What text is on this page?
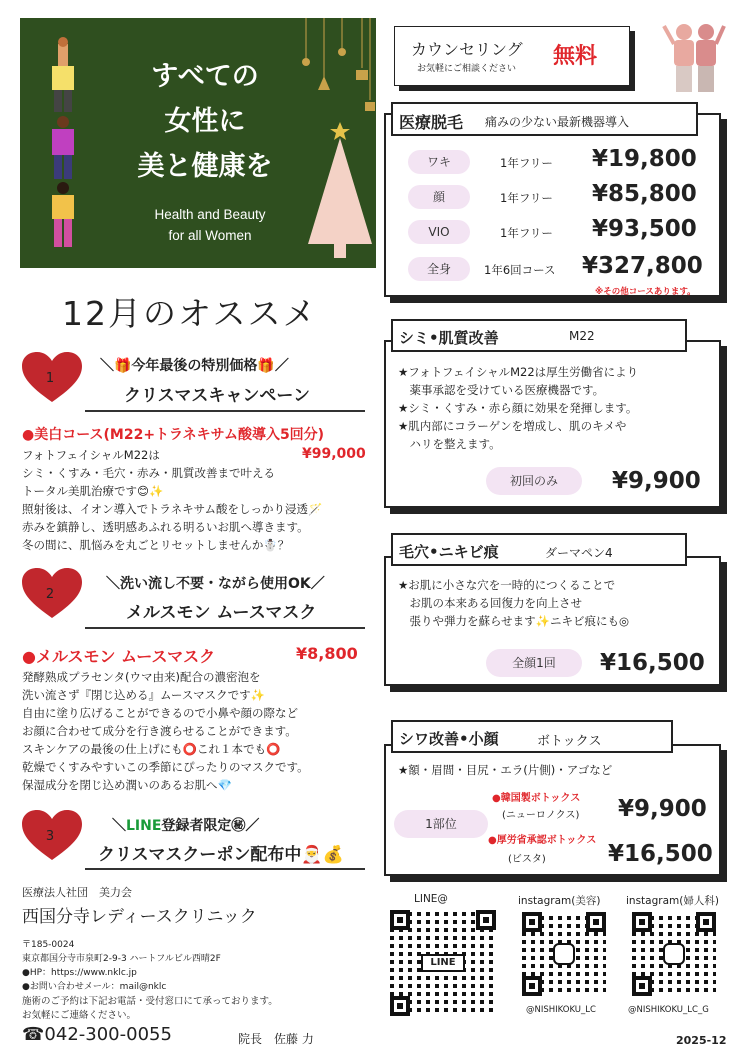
すべての
女性に
美と健康を
Health and Beauty
for all Women
12月のオススメ
1
＼🎁今年最後の特別価格🎁／
クリスマスキャンペーン
●美白コース(M22+トラネキサム酸導入5回分)
¥99,000
フォトフェイシャルM22は
シミ・くすみ・毛穴・赤み・肌質改善まで叶える
トータル美肌治療です😊✨
照射後は、イオン導入でトラネキサム酸をしっかり浸透🪄
赤みを鎮静し、透明感あふれる明るいお肌へ導きます。
冬の間に、肌悩みを丸ごとリセットしませんか☃️？
2
＼洗い流し不要・ながら使用OK／
メルスモン ムースマスク
●メルスモン ムースマスク	¥8,800
発酵熟成プラセンタ(ウマ由来)配合の濃密泡を
洗い流さず『閉じ込める』ムースマスクです✨
自由に塗り広げることができるので小鼻や顔の際など
お顔に合わせて成分を行き渡らせることができます。
スキンケアの最後の仕上げにも⭕これ１本でも⭕
乾燥でくすみやすいこの季節にぴったりのマスクです。
保湿成分を閉じ込め潤いのあるお肌へ💎
3
＼LINE登録者限定㊙／
クリスマスクーポン配布中🎅💰
医療法人社団　美力会
西国分寺レディースクリニック
〒185-0024
東京都国分寺市泉町2-9-3 ハートフルビル西晴2F
●HP：https://www.nklc.jp
●お問い合わせメール：mail@nklc
施術のご予約は下記お電話・受付窓口にて承っております。
お気軽にご連絡ください。
☎042-300-0055	院長　佐藤 力
カウンセリング
お気軽にご相談ください 無料
医療脱毛 痛みの少ない最新機器導入
ワキ	1年フリー ¥19,800
顔	1年フリー ¥85,800
VIO	1年フリー ¥93,500
全身	1年6回コース ¥327,800
※その他コースあります。
シミ•肌質改善	M22
★フォトフェイシャルM22は厚生労働省により
　薬事承認を受けている医療機器です。
★シミ・くすみ・赤ら顔に効果を発揮します。
★肌内部にコラーゲンを増成し、肌のキメや
　ハリを整えます。
初回のみ	¥9,900
毛穴•ニキビ痕	ダーマペン4
★お肌に小さな穴を一時的につくることで
　お肌の本来ある回復力を向上させ
　張りや弾力を蘇らせます✨ニキビ痕にも◎
全顔1回	¥16,500
シワ改善•小顔	ボトックス
★額・眉間・目尻・エラ(片側)・アゴなど
1部位
●韓国製ボトックス
(ニューロノクス) ¥9,900
●厚労省承認ボトックス
(ビスタ)	¥16,500
LINE@
LINE
instagram(美容)
@NISHIKOKU_LC
instagram(婦人科)
@NISHIKOKU_LC_G
2025-12
